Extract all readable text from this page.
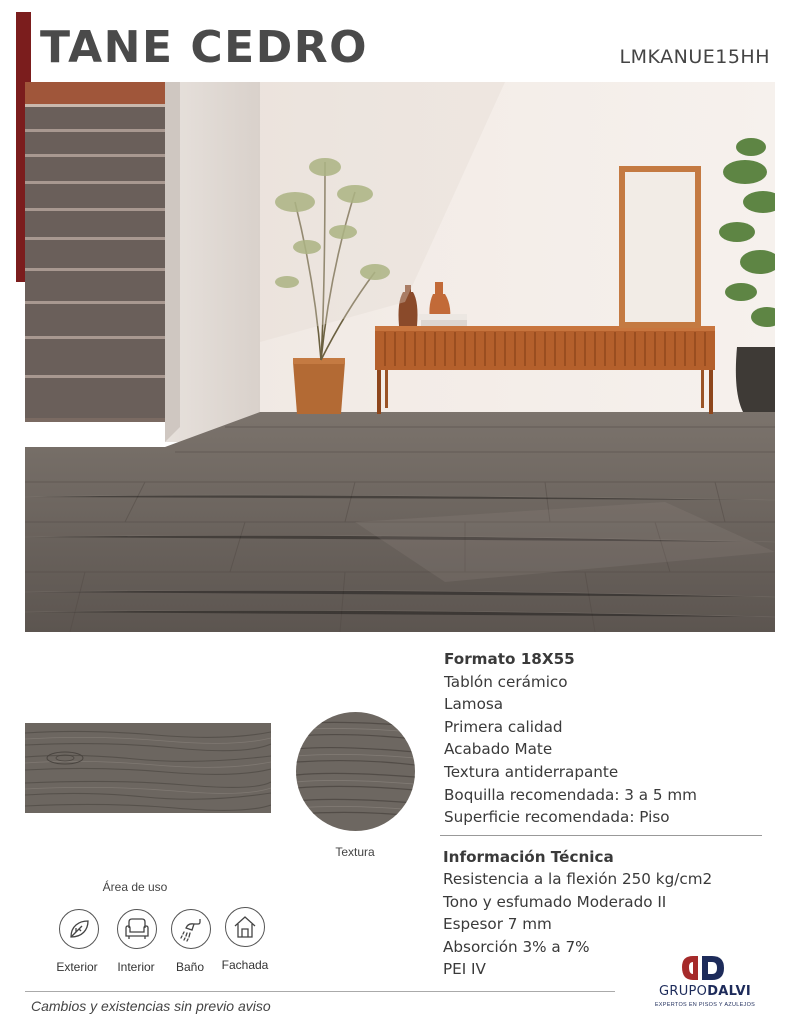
TANE CEDRO	LMKANUE15HH
Textura
Área de uso
Exterior	Interior	Baño	Fachada
Formato 18X55
Tablón cerámico
Lamosa
Primera calidad
Acabado Mate
Textura antiderrapante
Boquilla recomendada: 3 a 5 mm
Superficie recomendada: Piso
Información Técnica
Resistencia a la flexión 250 kg/cm2
Tono y esfumado Moderado II
Espesor 7 mm
Absorción 3% a 7%
PEI IV
Cambios y existencias sin previo aviso
GRUPODALVI
EXPERTOS EN PISOS Y AZULEJOS
